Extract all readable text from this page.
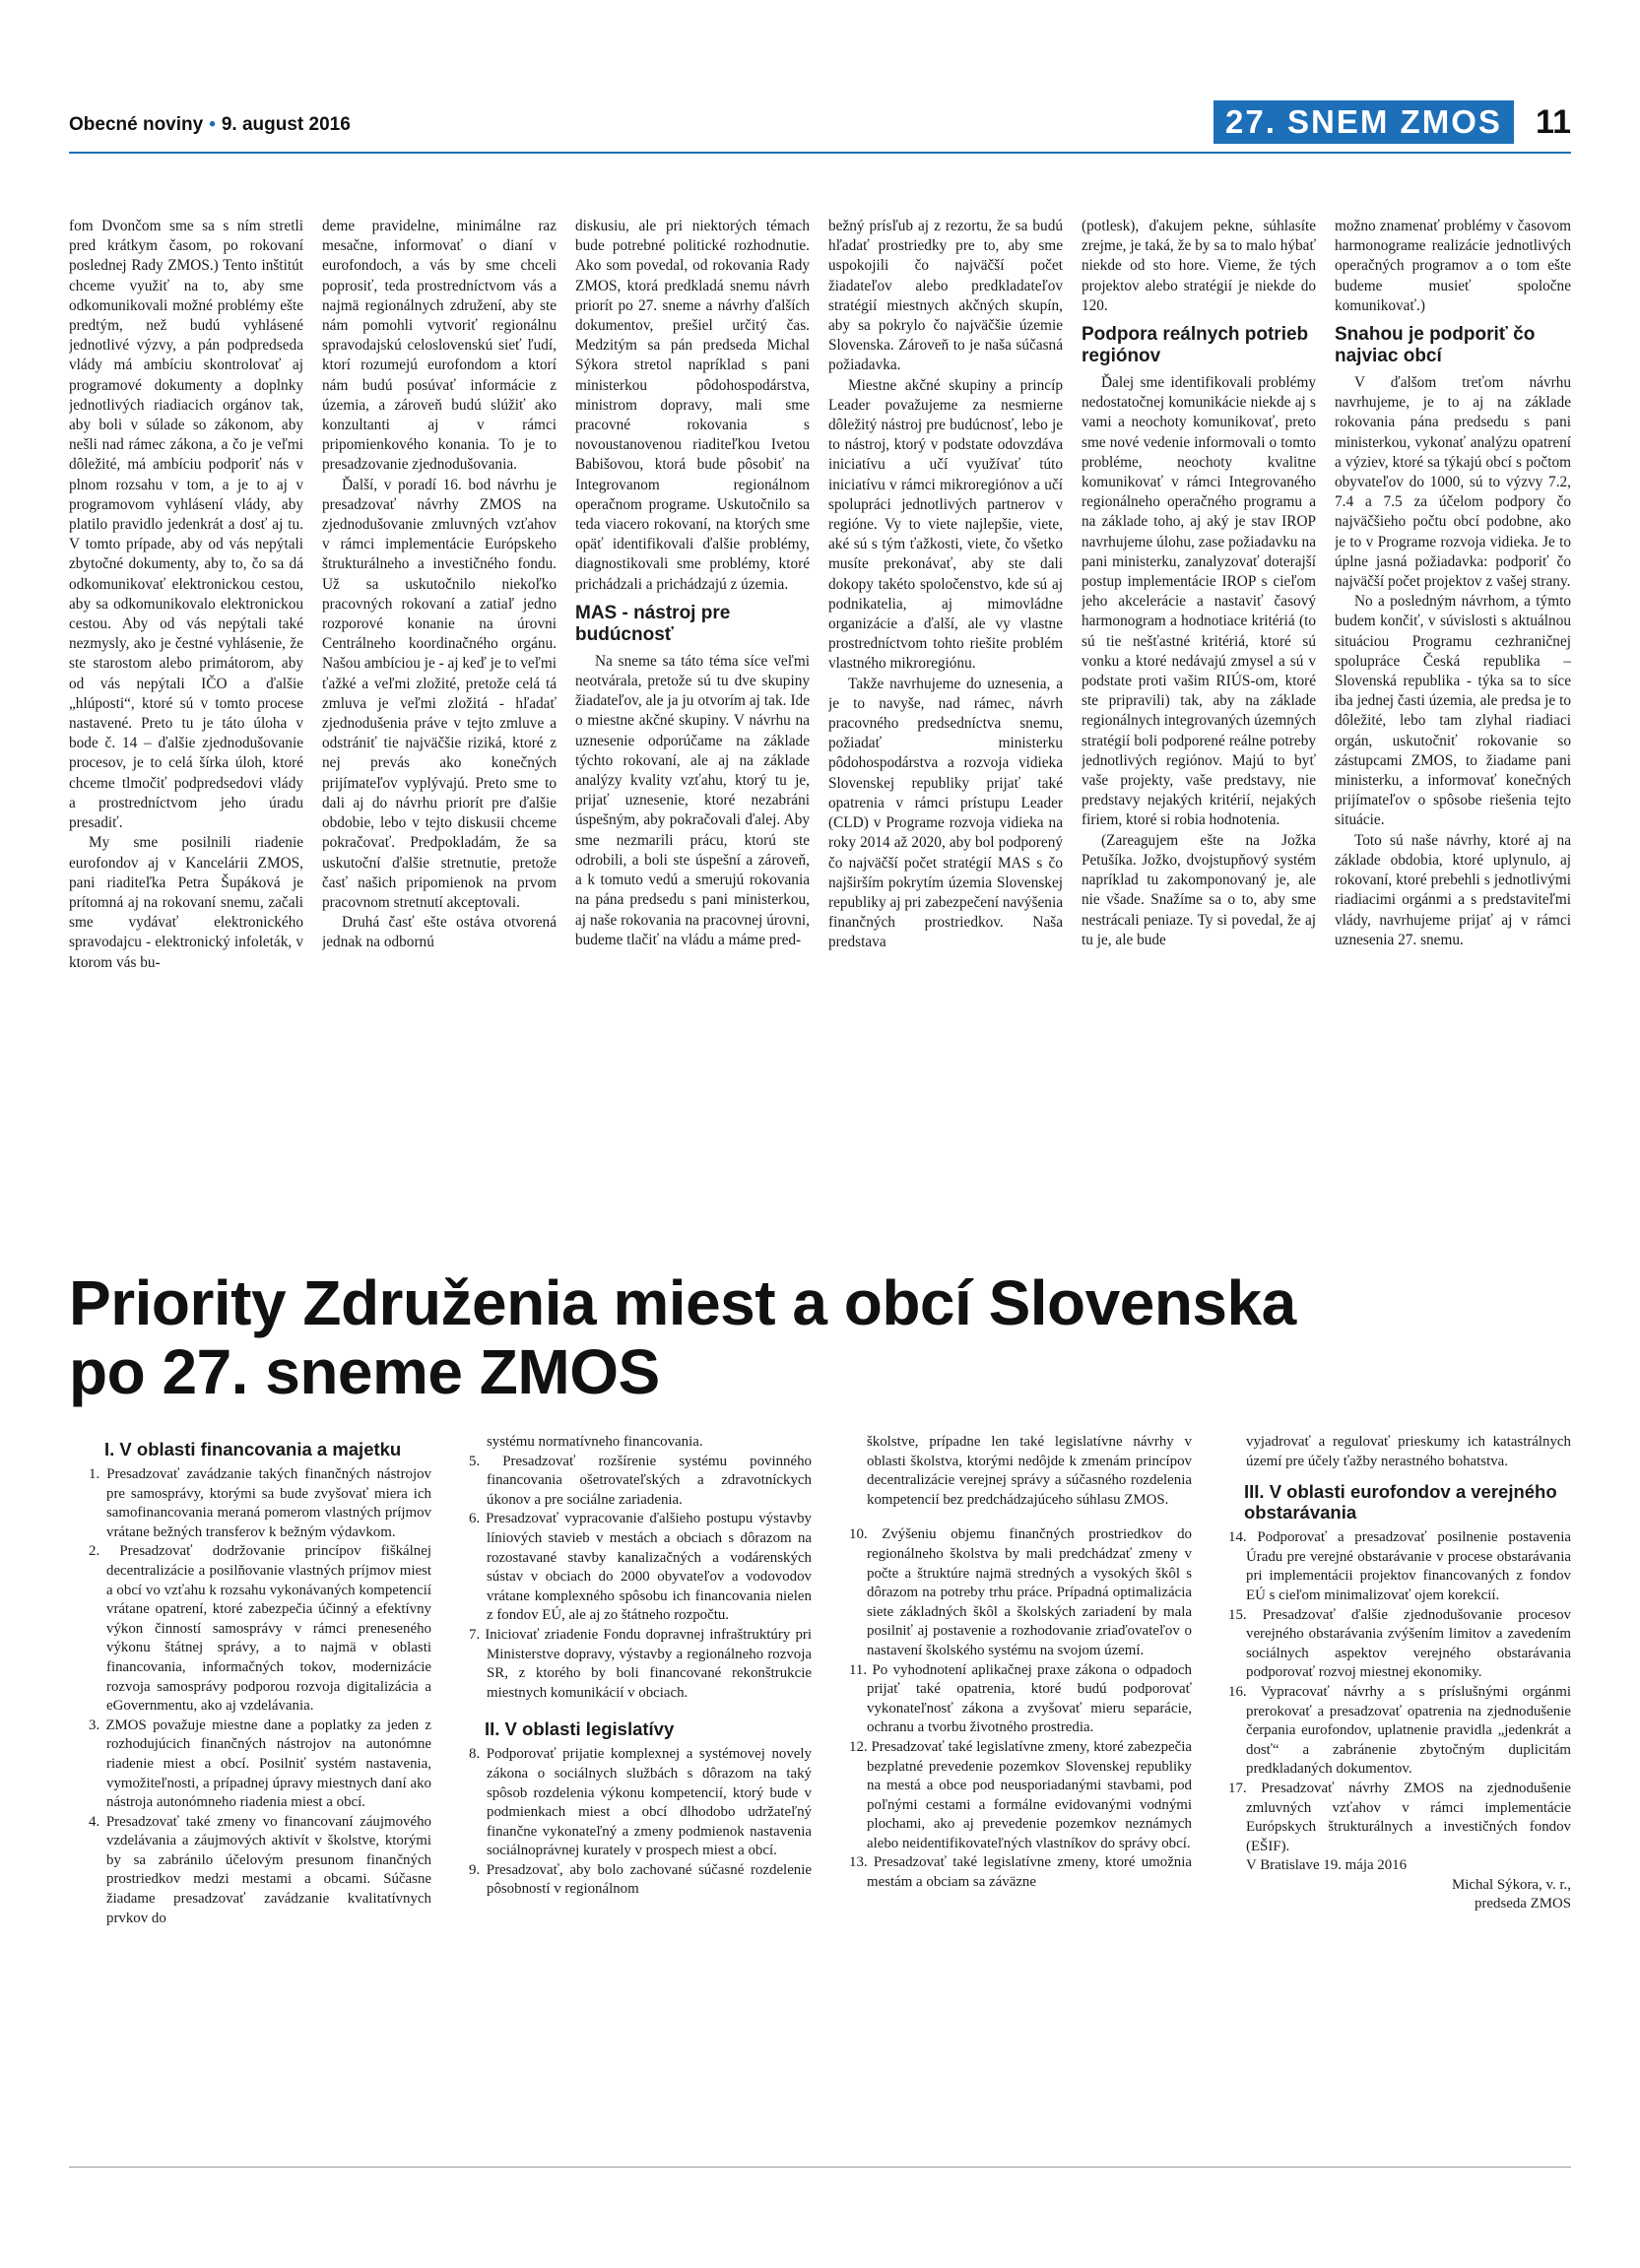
Obecné noviny • 9. august 2016	27. SNEM ZMOS	11

fom Dvončom sme sa s ním stretli pred krátkym časom, po rokovaní poslednej Rady ZMOS.) Tento inštitút chceme využiť na to, aby sme odkomunikovali možné problémy ešte predtým, než budú vyhlásené jednotlivé výzvy, a pán podpredseda vlády má ambíciu skontrolovať aj programové dokumenty a doplnky jednotlivých riadiacich orgánov tak, aby boli v súlade so zákonom, aby nešli nad rámec zákona, a čo je veľmi dôležité, má ambíciu podporiť nás v plnom rozsahu v tom, a je to aj v programovom vyhlásení vlády, aby platilo pravidlo jedenkrát a dosť aj tu. V tomto prípade, aby od vás nepýtali zbytočné dokumenty, aby to, čo sa dá odkomunikovať elektronickou cestou, aby sa odkomunikovalo elektronickou cestou. Aby od vás nepýtali také nezmysly, ako je čestné vyhlásenie, že ste starostom alebo primátorom, aby od vás nepýtali IČO a ďalšie „hlúposti“, ktoré sú v tomto procese nastavené. Preto tu je táto úloha v bode č. 14 – ďalšie zjednodušovanie procesov, je to celá šírka úloh, ktoré chceme tlmočiť podpredsedovi vlády a prostredníctvom jeho úradu presadiť.

My sme posilnili riadenie eurofondov aj v Kancelárii ZMOS, pani riaditeľka Petra Šupáková je prítomná aj na rokovaní snemu, začali sme vydávať elektronického spravodajcu - elektronický infoleták, v ktorom vás bu-

deme pravidelne, minimálne raz mesačne, informovať o dianí v eurofondoch, a vás by sme chceli poprosiť, teda prostredníctvom vás a najmä regionálnych združení, aby ste nám pomohli vytvoriť regionálnu spravodajskú celoslovenskú sieť ľudí, ktorí rozumejú eurofondom a ktorí nám budú posúvať informácie z územia, a zároveň budú slúžiť ako konzultanti aj v rámci pripomienkového konania. To je to presadzovanie zjednodušovania.

Ďalší, v poradí 16. bod návrhu je presadzovať návrhy ZMOS na zjednodušovanie zmluvných vzťahov v rámci implementácie Európskeho štrukturálneho a investičného fondu. Už sa uskutočnilo niekoľko pracovných rokovaní a zatiaľ jedno rozporové konanie na úrovni Centrálneho koordinačného orgánu. Našou ambíciou je - aj keď je to veľmi ťažké a veľmi zložité, pretože celá tá zmluva je veľmi zložitá - hľadať zjednodušenia práve v tejto zmluve a odstrániť tie najväčšie riziká, ktoré z nej prevás ako konečných prijímateľov vyplývajú. Preto sme to dali aj do návrhu priorít pre ďalšie obdobie, lebo v tejto diskusii chceme pokračovať. Predpokladám, že sa uskutoční ďalšie stretnutie, pretože časť našich pripomienok na prvom pracovnom stretnutí akceptovali.

Druhá časť ešte ostáva otvorená jednak na odbornú

diskusiu, ale pri niektorých témach bude potrebné politické rozhodnutie. Ako som povedal, od rokovania Rady ZMOS, ktorá predkladá snemu návrh priorít po 27. sneme a návrhy ďalších dokumentov, prešiel určitý čas. Medzitým sa pán predseda Michal Sýkora stretol napríklad s pani ministerkou pôdohospodárstva, ministrom dopravy, mali sme pracovné rokovania s novoustanovenou riaditeľkou Ivetou Babišovou, ktorá bude pôsobiť na Integrovanom regionálnom operačnom programe. Uskutočnilo sa teda viacero rokovaní, na ktorých sme opäť identifikovali ďalšie problémy, diagnostikovali sme problémy, ktoré prichádzali a prichádzajú z územia.

MAS - nástroj pre budúcnosť

Na sneme sa táto téma síce veľmi neotvárala, pretože sú tu dve skupiny žiadateľov, ale ja ju otvorím aj tak. Ide o miestne akčné skupiny. V návrhu na uznesenie odporúčame na základe týchto rokovaní, ale aj na základe analýzy kvality vzťahu, ktorý tu je, prijať uznesenie, ktoré nezabráni úspešným, aby pokračovali ďalej. Aby sme nezmarili prácu, ktorú ste odrobili, a boli ste úspešní a zároveň, a k tomuto vedú a smerujú rokovania na pána predsedu s pani ministerkou, aj naše rokovania na pracovnej úrovni, budeme tlačiť na vládu a máme pred-

bežný prísľub aj z rezortu, že sa budú hľadať prostriedky pre to, aby sme uspokojili čo najväčší počet žiadateľov alebo predkladateľov stratégií miestnych akčných skupín, aby sa pokrylo čo najväčšie územie Slovenska. Zároveň to je naša súčasná požiadavka.

Miestne akčné skupiny a princíp Leader považujeme za nesmierne dôležitý nástroj pre budúcnosť, lebo je to nástroj, ktorý v podstate odovzdáva iniciatívu a učí využívať túto iniciatívu v rámci mikroregiónov a učí spolupráci jednotlivých partnerov v regióne. Vy to viete najlepšie, viete, aké sú s tým ťažkosti, viete, čo všetko musíte prekonávať, aby ste dali dokopy takéto spoločenstvo, kde sú aj podnikatelia, aj mimovládne organizácie a ďalší, ale vy vlastne prostredníctvom tohto riešite problém vlastného mikroregiónu.

Takže navrhujeme do uznesenia, a je to navyše, nad rámec, návrh pracovného predsedníctva snemu, požiadať ministerku pôdohospodárstva a rozvoja vidieka Slovenskej republiky prijať také opatrenia v rámci prístupu Leader (CLD) v Programe rozvoja vidieka na roky 2014 až 2020, aby bol podporený čo najväčší počet stratégií MAS s čo najširším pokrytím územia Slovenskej republiky aj pri zabezpečení navýšenia finančných prostriedkov. Naša predstava

(potlesk), ďakujem pekne, súhlasíte zrejme, je taká, že by sa to malo hýbať niekde od sto hore. Vieme, že tých projektov alebo stratégií je niekde do 120.

Podpora reálnych potrieb regiónov

Ďalej sme identifikovali problémy nedostatočnej komunikácie niekde aj s vami a neochoty komunikovať, preto sme nové vedenie informovali o tomto probléme, neochoty kvalitne komunikovať v rámci Integrovaného regionálneho operačného programu a na základe toho, aj aký je stav IROP navrhujeme úlohu, zase požiadavku na pani ministerku, zanalyzovať doterajší postup implementácie IROP s cieľom jeho akcelerácie a nastaviť časový harmonogram a hodnotiace kritériá (to sú tie nešťastné kritériá, ktoré sú vonku a ktoré nedávajú zmysel a sú v podstate proti vašim RIÚS-om, ktoré ste pripravili) tak, aby na základe regionálnych integrovaných územných stratégií boli podporené reálne potreby jednotlivých regiónov. Majú to byť vaše projekty, vaše predstavy, nie predstavy nejakých kritérií, nejakých firiem, ktoré si robia hodnotenia.

(Zareagujem ešte na Jožka Petušíka. Jožko, dvojstupňový systém napríklad tu zakomponovaný je, ale nie všade. Snažíme sa o to, aby sme nestrácali peniaze. Ty si povedal, že aj tu je, ale bude

možno znamenať problémy v časovom harmonograme realizácie jednotlivých operačných programov a o tom ešte budeme musieť spoločne komunikovať.)

Snahou je podporiť čo najviac obcí

V ďalšom treťom návrhu navrhujeme, je to aj na základe rokovania pána predsedu s pani ministerkou, vykonať analýzu opatrení a výziev, ktoré sa týkajú obcí s počtom obyvateľov do 1000, sú to výzvy 7.2, 7.4 a 7.5 za účelom podpory čo najväčšieho počtu obcí podobne, ako je to v Programe rozvoja vidieka. Je to úplne jasná požiadavka: podporiť čo najväčší počet projektov z vašej strany.

No a posledným návrhom, a týmto budem končiť, v súvislosti s aktuálnou situáciou Programu cezhraničnej spolupráce Česká republika – Slovenská republika - týka sa to síce iba jednej časti územia, ale predsa je to dôležité, lebo tam zlyhal riadiaci orgán, uskutočniť rokovanie so zástupcami ZMOS, to žiadame pani ministerku, a informovať konečných prijímateľov o spôsobe riešenia tejto situácie.

Toto sú naše návrhy, ktoré aj na základe obdobia, ktoré uplynulo, aj rokovaní, ktoré prebehli s jednotlivými riadiacimi orgánmi a s predstaviteľmi vlády, navrhujeme prijať aj v rámci uznesenia 27. snemu.

Priority Združenia miest a obcí Slovenska
po 27. sneme ZMOS
I. V oblasti financovania a majetku

1. Presadzovať zavádzanie takých finančných nástrojov pre samosprávy, ktorými sa bude zvyšovať miera ich samofinancovania meraná pomerom vlastných príjmov vrátane bežných transferov k bežným výdavkom.

2. Presadzovať dodržovanie princípov fiškálnej decentralizácie a posilňovanie vlastných príjmov miest a obcí vo vzťahu k rozsahu vykonávaných kompetencií vrátane opatrení, ktoré zabezpečia účinný a efektívny výkon činností samosprávy v rámci preneseného výkonu štátnej správy, a to najmä v oblasti financovania, informačných tokov, modernizácie rozvoja samosprávy podporou rozvoja digitalizácia a eGovernmentu, ako aj vzdelávania.

3. ZMOS považuje miestne dane a poplatky za jeden z rozhodujúcich finančných nástrojov na autonómne riadenie miest a obcí. Posilniť systém nastavenia, vymožiteľnosti, a prípadnej úpravy miestnych daní ako nástroja autonómneho riadenia miest a obcí.

4. Presadzovať také zmeny vo financovaní záujmového vzdelávania a záujmových aktivít v školstve, ktorými by sa zabránilo účelovým presunom finančných prostriedkov medzi mestami a obcami. Súčasne žiadame presadzovať zavádzanie kvalitatívnych prvkov do

systému normatívneho financovania.

5. Presadzovať rozšírenie systému povinného financovania ošetrovateľských a zdravotníckych úkonov a pre sociálne zariadenia.

6. Presadzovať vypracovanie ďalšieho postupu výstavby líniových stavieb v mestách a obciach s dôrazom na rozostavané stavby kanalizačných a vodárenských sústav v obciach do 2000 obyvateľov a vodovodov vrátane komplexného spôsobu ich financovania nielen z fondov EÚ, ale aj zo štátneho rozpočtu.

7. Iniciovať zriadenie Fondu dopravnej infraštruktúry pri Ministerstve dopravy, výstavby a regionálneho rozvoja SR, z ktorého by boli financované rekonštrukcie miestnych komunikácií v obciach.

II. V oblasti legislatívy

8. Podporovať prijatie komplexnej a systémovej novely zákona o sociálnych službách s dôrazom na taký spôsob rozdelenia výkonu kompetencií, ktorý bude v podmienkach miest a obcí dlhodobo udržateľný finančne vykonateľný a zmeny podmienok nastavenia sociálnoprávnej kurately v prospech miest a obcí.

9. Presadzovať, aby bolo zachované súčasné rozdelenie pôsobností v regionálnom

školstve, prípadne len také legislatívne návrhy v oblasti školstva, ktorými nedôjde k zmenám princípov decentralizácie verejnej správy a súčasného rozdelenia kompetencií bez predchádzajúceho súhlasu ZMOS.

10. Zvýšeniu objemu finančných prostriedkov do regionálneho školstva by mali predchádzať zmeny v počte a štruktúre najmä stredných a vysokých škôl s dôrazom na potreby trhu práce. Prípadná optimalizácia siete základných škôl a školských zariadení by mala posilniť aj postavenie a rozhodovanie zriaďovateľov o nastavení školského systému na svojom území.

11. Po vyhodnotení aplikačnej praxe zákona o odpadoch prijať také opatrenia, ktoré budú podporovať vykonateľnosť zákona a zvyšovať mieru separácie, ochranu a tvorbu životného prostredia.

12. Presadzovať také legislatívne zmeny, ktoré zabezpečia bezplatné prevedenie pozemkov Slovenskej republiky na mestá a obce pod neusporiadanými stavbami, pod poľnými cestami a formálne evidovanými vodnými plochami, ako aj prevedenie pozemkov neznámych alebo neidentifikovateľných vlastníkov do správy obcí.

13. Presadzovať také legislatívne zmeny, ktoré umožnia mestám a obciam sa záväzne

vyjadrovať a regulovať prieskumy ich katastrálnych území pre účely ťažby nerastného bohatstva.

III. V oblasti eurofondov a verejného obstarávania

14. Podporovať a presadzovať posilnenie postavenia Úradu pre verejné obstarávanie v procese obstarávania pri implementácii projektov financovaných z fondov EÚ s cieľom minimalizovať ojem korekcií.

15. Presadzovať ďalšie zjednodušovanie procesov verejného obstarávania zvýšením limitov a zavedením sociálnych aspektov verejného obstarávania podporovať rozvoj miestnej ekonomiky.

16. Vypracovať návrhy a s príslušnými orgánmi prerokovať a presadzovať opatrenia na zjednodušenie čerpania eurofondov, uplatnenie pravidla „jedenkrát a dosť“ a zabránenie zbytočným duplicitám predkladaných dokumentov.

17. Presadzovať návrhy ZMOS na zjednodušenie zmluvných vzťahov v rámci implementácie Európskych štrukturálnych a investičných fondov (EŠIF).

V Bratislave 19. mája 2016

Michal Sýkora, v. r.,

predseda ZMOS
